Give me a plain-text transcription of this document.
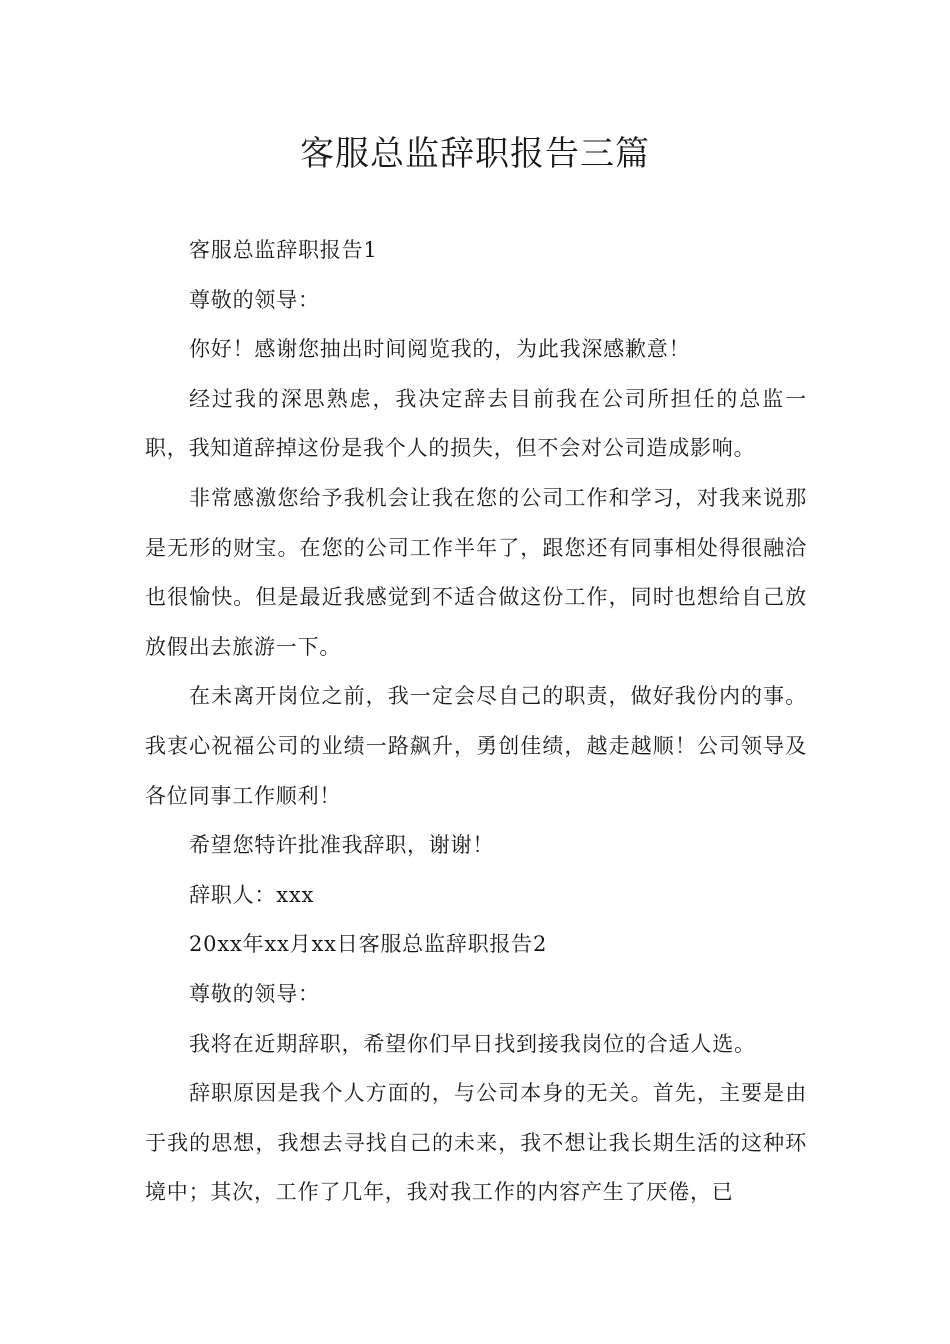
客服总监辞职报告三篇

客服总监辞职报告1

尊敬的领导：

你好！感谢您抽出时间阅览我的，为此我深感歉意！

经过我的深思熟虑，我决定辞去目前我在公司所担任的总监一职，我知道辞掉这份是我个人的损失，但不会对公司造成影响。

非常感激您给予我机会让我在您的公司工作和学习，对我来说那是无形的财宝。在您的公司工作半年了，跟您还有同事相处得很融洽也很愉快。但是最近我感觉到不适合做这份工作，同时也想给自己放放假出去旅游一下。

在未离开岗位之前，我一定会尽自己的职责，做好我份内的事。我衷心祝福公司的业绩一路飙升，勇创佳绩，越走越顺！公司领导及各位同事工作顺利！

希望您特许批准我辞职，谢谢！

辞职人：xxx

20xx年xx月xx日客服总监辞职报告2

尊敬的领导：

我将在近期辞职，希望你们早日找到接我岗位的合适人选。

辞职原因是我个人方面的，与公司本身的无关。首先，主要是由于我的思想，我想去寻找自己的未来，我不想让我长期生活的这种环境中；其次，工作了几年，我对我工作的内容产生了厌倦，已
